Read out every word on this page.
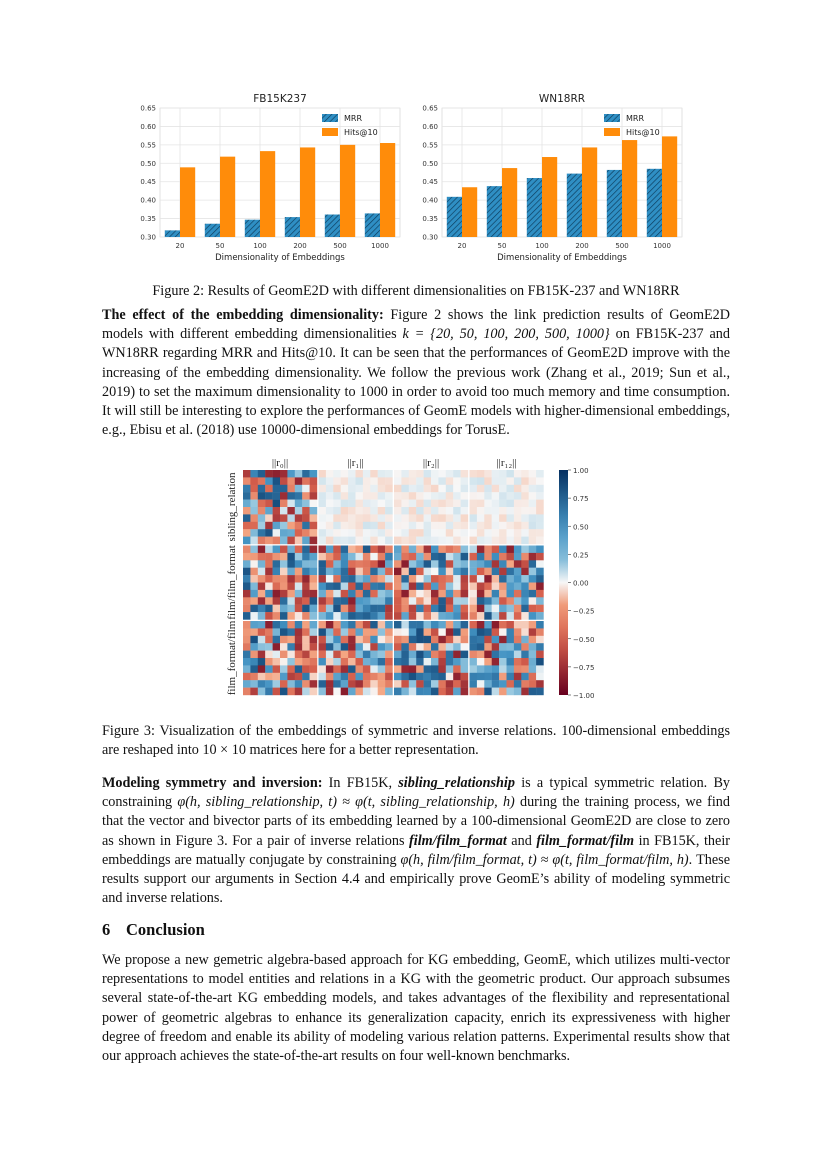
0.30
0.35
0.40
0.45
0.50
0.55
0.60
0.65
20	50	100	200	500	1000
FB15K237
Dimensionality of Embeddings
MRR
Hits@10
0.30
0.35
0.40
0.45
0.50
0.55
0.60
0.65
20	50	100	200	500	1000
WN18RR
Dimensionality of Embeddings
MRR
Hits@10
Figure 2: Results of GeomE2D with different dimensionalities on FB15K-237 and WN18RR
The effect of the embedding dimensionality: Figure 2 shows the link prediction results of GeomE2D models with different embedding dimensionalities k = {20, 50, 100, 200, 500, 1000} on FB15K-237 and WN18RR regarding MRR and Hits@10. It can be seen that the performances of GeomE2D improve with the increasing of the embedding dimensionality. We follow the previous work (Zhang et al., 2019; Sun et al., 2019) to set the maximum dimensionality to 1000 in order to avoid too much memory and time consumption. It will still be interesting to explore the performances of GeomE models with higher-dimensional embeddings, e.g., Ebisu et al. (2018) use 10000-dimensional embeddings for TorusE.
||r₀||	||r₁||	||r₂||	||r₁₂||
sibling_relation
film/film_format
film_format/film
1.00
0.75
0.50
0.25
0.00
−0.25
−0.50
−0.75
−1.00
Figure 3: Visualization of the embeddings of symmetric and inverse relations. 100-dimensional embeddings are reshaped into 10 × 10 matrices here for a better representation.
Modeling symmetry and inversion: In FB15K, sibling_relationship is a typical symmetric relation. By constraining φ(h, sibling_relationship, t) ≈ φ(t, sibling_relationship, h) during the training process, we find that the vector and bivector parts of its embedding learned by a 100-dimensional GeomE2D are close to zero as shown in Figure 3. For a pair of inverse relations film/film_format and film_format/film in FB15K, their embeddings are matually conjugate by constraining φ(h, film/film_format, t) ≈ φ(t, film_format/film, h). These results support our arguments in Section 4.4 and empirically prove GeomE’s ability of modeling symmetric and inverse relations.
6 Conclusion
We propose a new gemetric algebra-based approach for KG embedding, GeomE, which utilizes multi-vector representations to model entities and relations in a KG with the geometric product. Our approach subsumes several state-of-the-art KG embedding models, and takes advantages of the flexibility and representational power of geometric algebras to enhance its generalization capacity, enrich its expressiveness with higher degree of freedom and enable its ability of modeling various relation patterns. Experimental results show that our approach achieves the state-of-the-art results on four well-known benchmarks.
